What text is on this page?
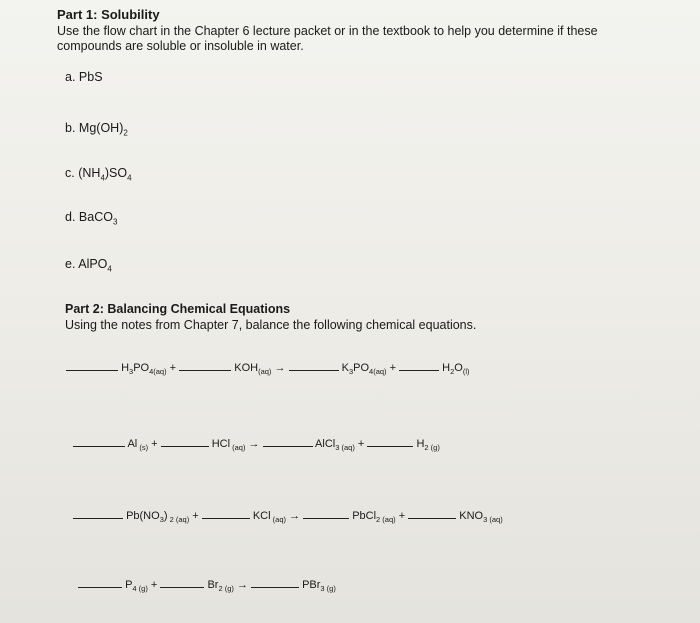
Part 1: Solubility
Use the flow chart in the Chapter 6 lecture packet or in the textbook to help you determine if these
compounds are soluble or insoluble in water.
a. PbS
b. $Mg(OH)_2$
c. $(NH_4)SO_4$
d. BaCO$_3$
e. AlPO$_4$
Part 2: Balancing Chemical Equations
Using the notes from Chapter 7, balance the following chemical equations.
$H_3PO_{4(aq)}$ +	$KOH_{(aq)}$ →	$K_3PO_{4(aq)}$ +	$H_2O_{(l)}$
Al $_{(s)}$ +	HCl $_{(aq)}$ →	AlCl$_3$ $_{(aq)}$ +	$H_2$ $_{(g)}$
$Pb(NO_3) _{2 (aq)}$ +	KCl $_{(aq)}$ →	PbCl$_2$ $_{(aq)}$ +	$KNO_{3 (aq)}$
$P_{4 (g)}$ +	$Br_{2 (g)}$ →	PBr$_{3 (g)}$
